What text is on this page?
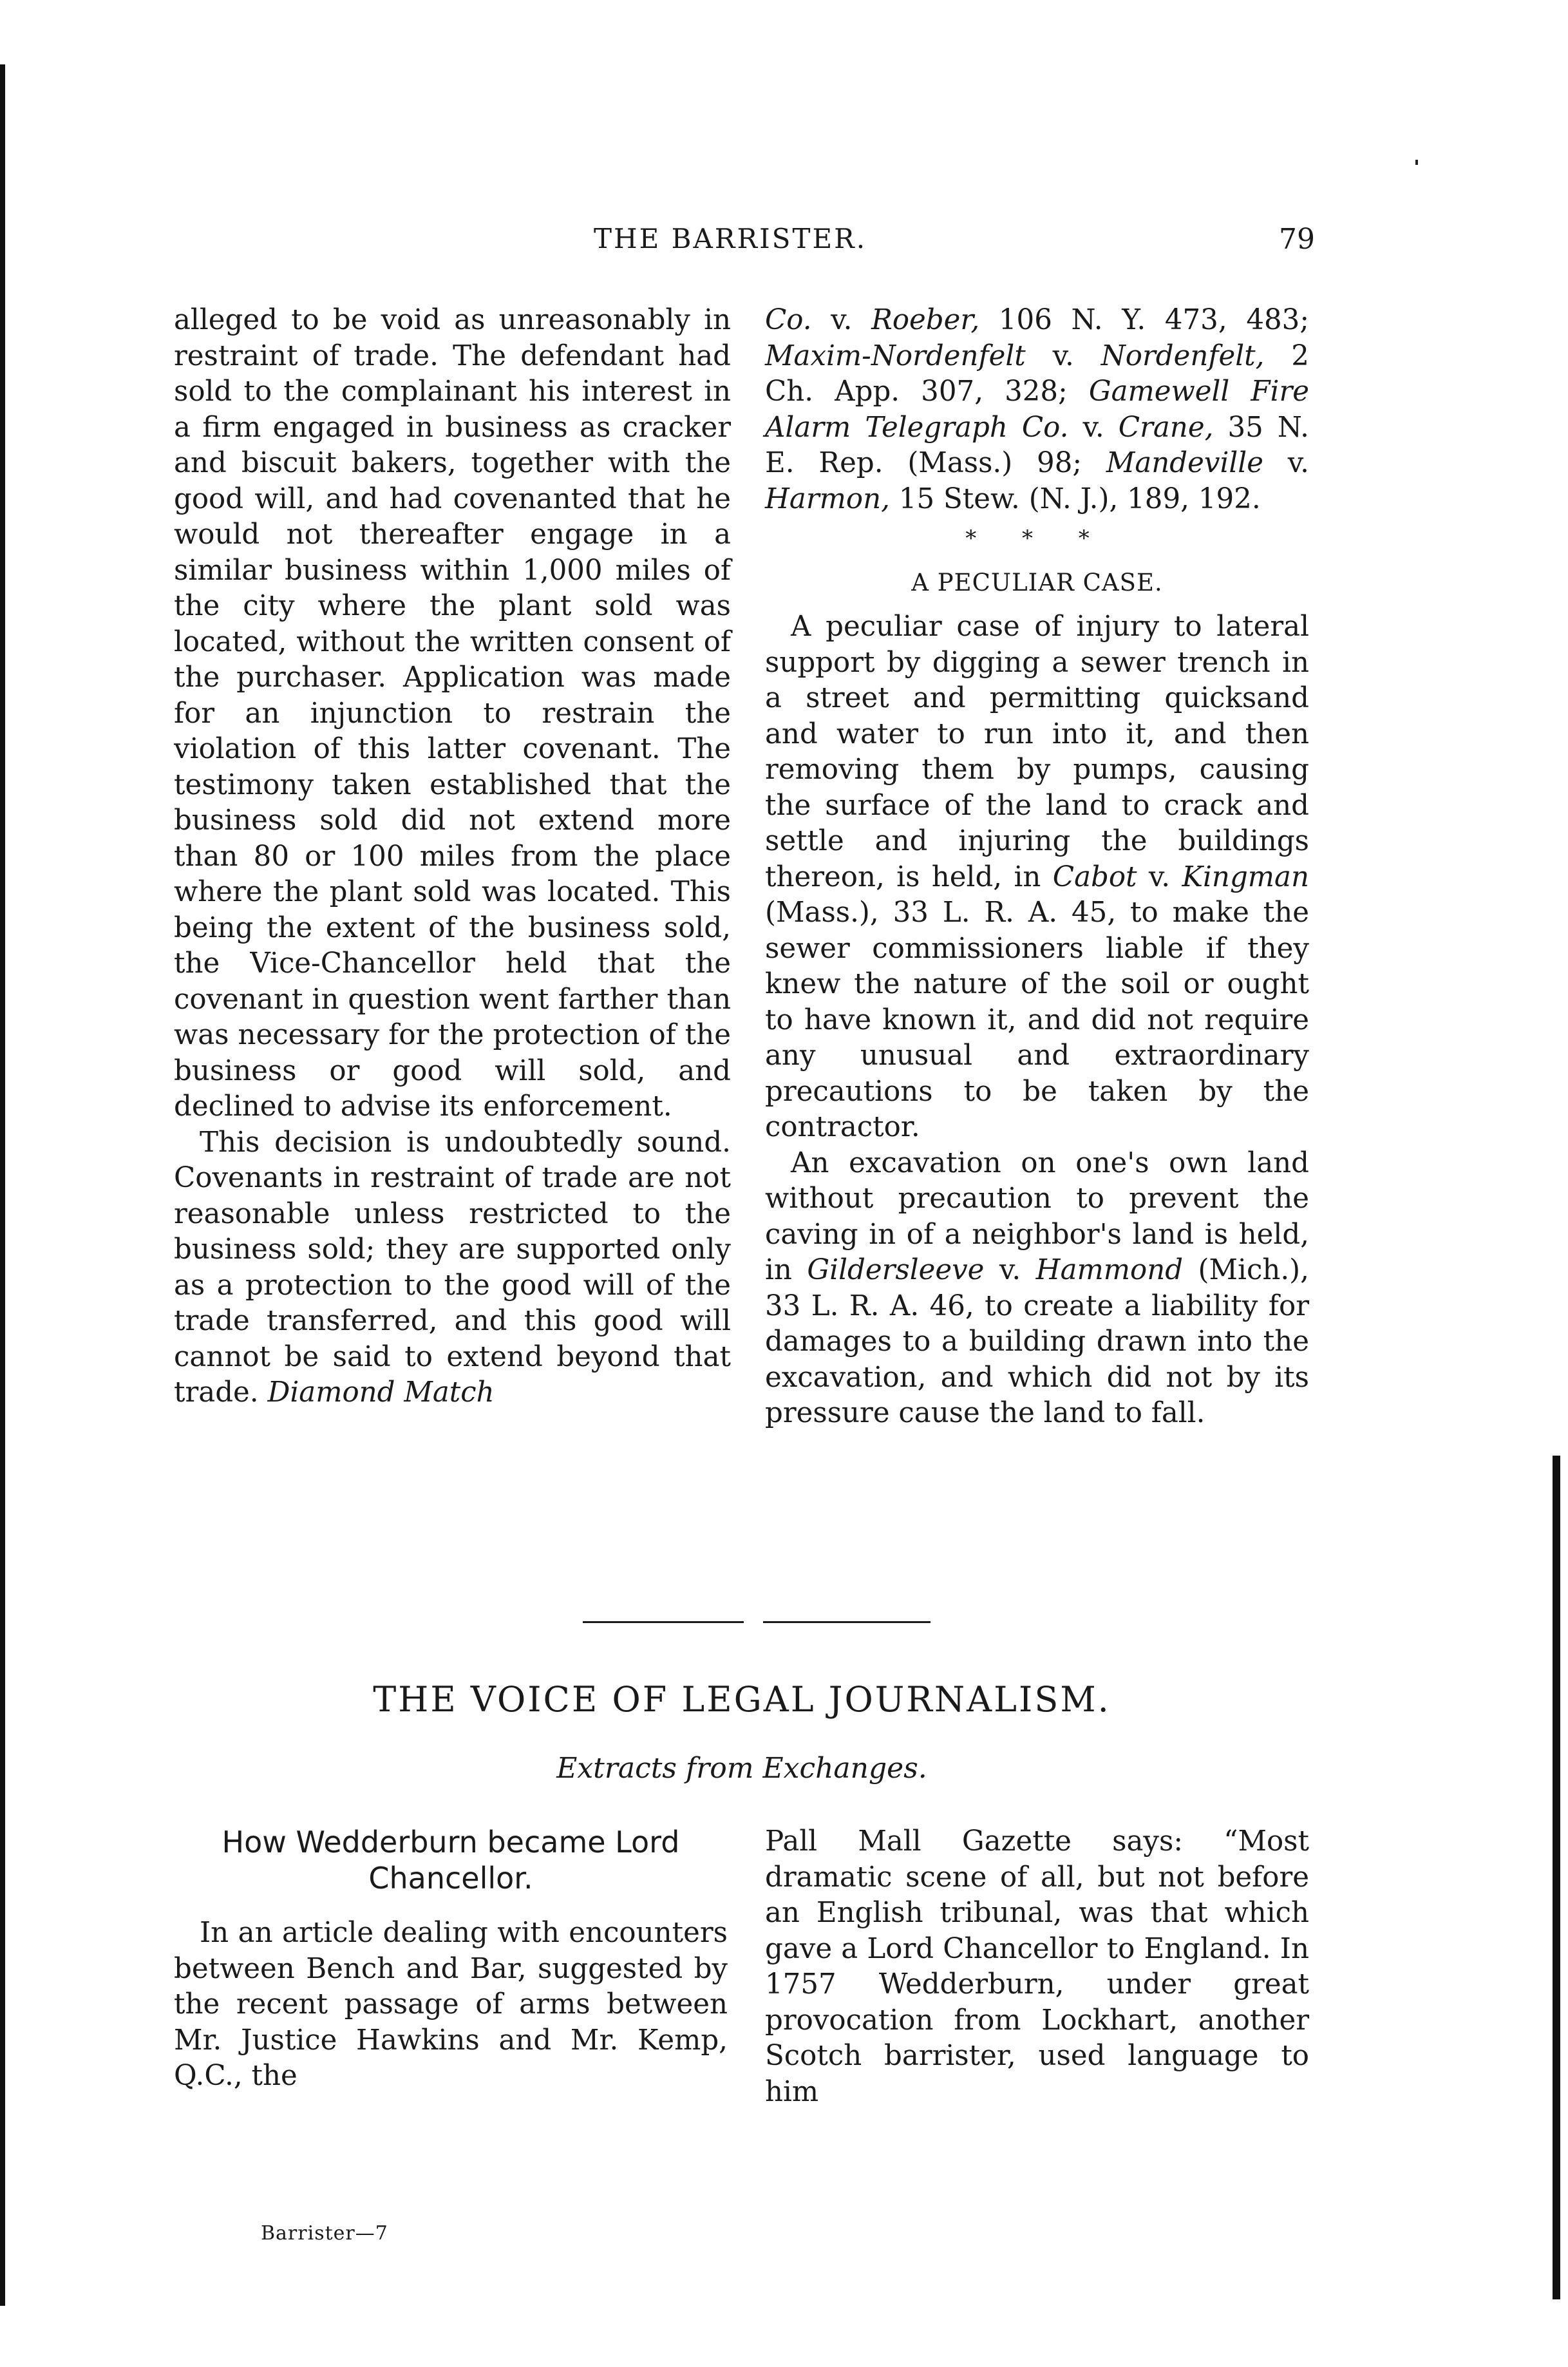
THE BARRISTER.	79

alleged to be void as unreasonably in restraint of trade. The defendant had sold to the complainant his interest in a firm engaged in business as cracker and biscuit bakers, together with the good will, and had covenanted that he would not thereafter engage in a similar business within 1,000 miles of the city where the plant sold was located, without the written consent of the purchaser. Application was made for an injunction to restrain the violation of this latter covenant. The testimony taken established that the business sold did not extend more than 80 or 100 miles from the place where the plant sold was located. This being the extent of the business sold, the Vice-Chancellor held that the covenant in question went farther than was necessary for the protection of the business or good will sold, and declined to advise its enforcement.

This decision is undoubtedly sound. Covenants in restraint of trade are not reasonable unless restricted to the business sold; they are supported only as a protection to the good will of the trade transferred, and this good will cannot be said to extend beyond that trade. Diamond Match

Co. v. Roeber, 106 N. Y. 473, 483; Maxim-Nordenfelt v. Nordenfelt, 2 Ch. App. 307, 328; Gamewell Fire Alarm Telegraph Co. v. Crane, 35 N. E. Rep. (Mass.) 98; Mandeville v. Harmon, 15 Stew. (N. J.), 189, 192.

* * *
A PECULIAR CASE.

A peculiar case of injury to lateral support by digging a sewer trench in a street and permitting quicksand and water to run into it, and then removing them by pumps, causing the surface of the land to crack and settle and injuring the buildings thereon, is held, in Cabot v. Kingman (Mass.), 33 L. R. A. 45, to make the sewer commissioners liable if they knew the nature of the soil or ought to have known it, and did not require any unusual and extraordinary precautions to be taken by the contractor.

An excavation on one's own land without precaution to prevent the caving in of a neighbor's land is held, in Gildersleeve v. Hammond (Mich.), 33 L. R. A. 46, to create a liability for damages to a building drawn into the excavation, and which did not by its pressure cause the land to fall.

THE VOICE OF LEGAL JOURNALISM.
Extracts from Exchanges.
How Wedderburn became Lord Chancellor.

In an article dealing with encounters between Bench and Bar, suggested by the recent passage of arms between Mr. Justice Hawkins and Mr. Kemp, Q.C., the

Pall Mall Gazette says: “Most dramatic scene of all, but not before an English tribunal, was that which gave a Lord Chancellor to England. In 1757 Wedderburn, under great provocation from Lockhart, another Scotch barrister, used language to him

Barrister—7
